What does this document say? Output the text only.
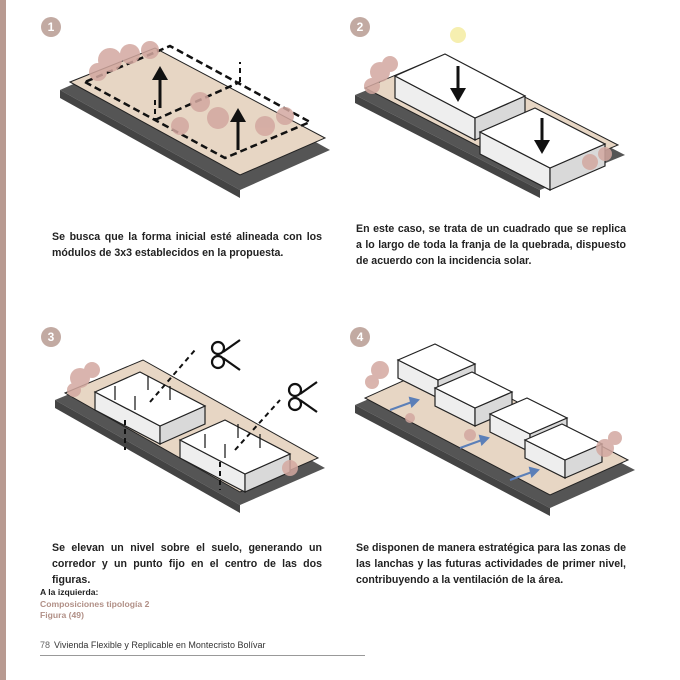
1
Se busca que la forma inicial esté alineada con los módulos de 3x3 establecidos en la propuesta.
2
En este caso, se trata de un cuadrado que se replica a lo largo de toda la franja de la quebrada, dispuesto de acuerdo con la incidencia solar.
3
Se elevan un nivel sobre el suelo, generando un corredor y un punto fijo en el centro de las dos figuras.
4
Se disponen de manera estratégica para las zonas de las lanchas y las futuras actividades de primer nivel, contribuyendo a la ventilación de la área.
A la izquierda:
Composiciones tipología 2
Figura (49)
78 Vivienda Flexible y Replicable en Montecristo Bolívar
